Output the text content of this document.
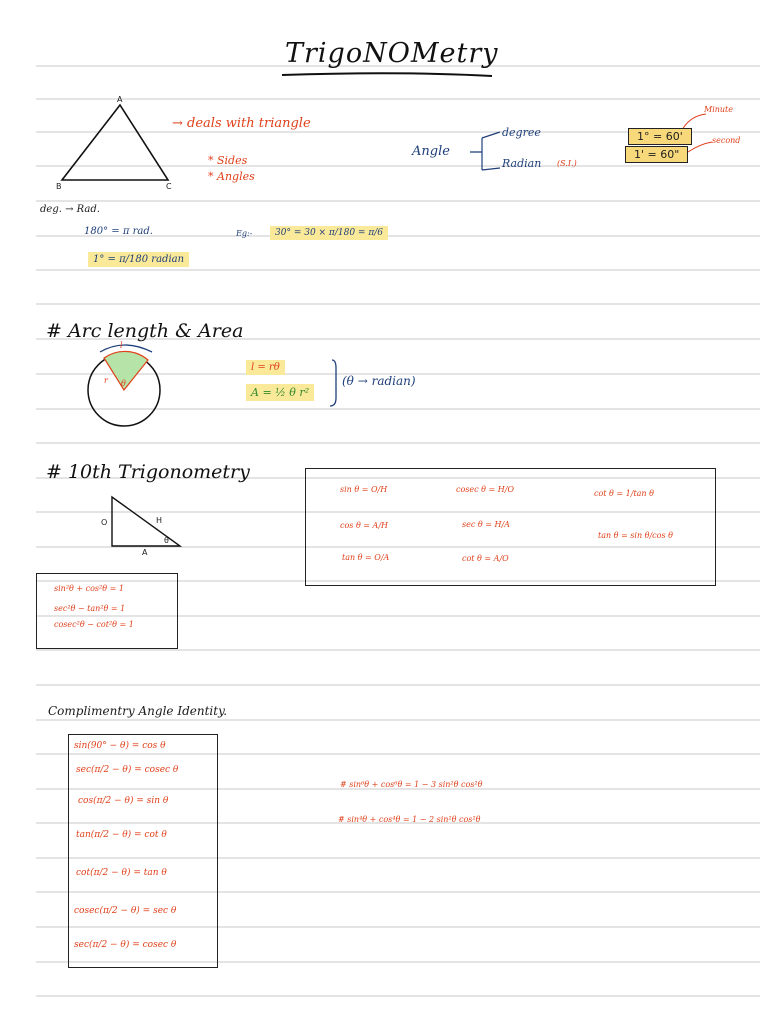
TrigoNOMetry
A
B	C
→ deals with triangle
* Sides
* Angles
Angle
degree
Radian (S.I.)
1° = 60'
1' = 60"
Minute
second
deg. → Rad.
180° = π rad.	Eg:-	30° = 30 × π/180 = π/6
1° = π/180 radian
# Arc length & Area
l
r θ
l = rθ
A = ½ θ r²
(θ → radian)
# 10th Trigonometry
O	H
A
θ
sin²θ + cos²θ = 1
sec²θ − tan²θ = 1
cosec²θ − cot²θ = 1
sin θ = O/H	cosec θ = H/O	cot θ = 1/tan θ
cos θ = A/H	sec θ = H/A
tan θ = sin θ/cos θ
tan θ = O/A	cot θ = A/O
Complimentry Angle Identity.
sin(90° − θ) = cos θ
sec(π/2 − θ) = cosec θ
cos(π/2 − θ) = sin θ
tan(π/2 − θ) = cot θ
cot(π/2 − θ) = tan θ
cosec(π/2 − θ) = sec θ
sec(π/2 − θ) = cosec θ
# sin⁶θ + cos⁶θ = 1 − 3 sin²θ cos²θ
# sin⁴θ + cos⁴θ = 1 − 2 sin²θ cos²θ
